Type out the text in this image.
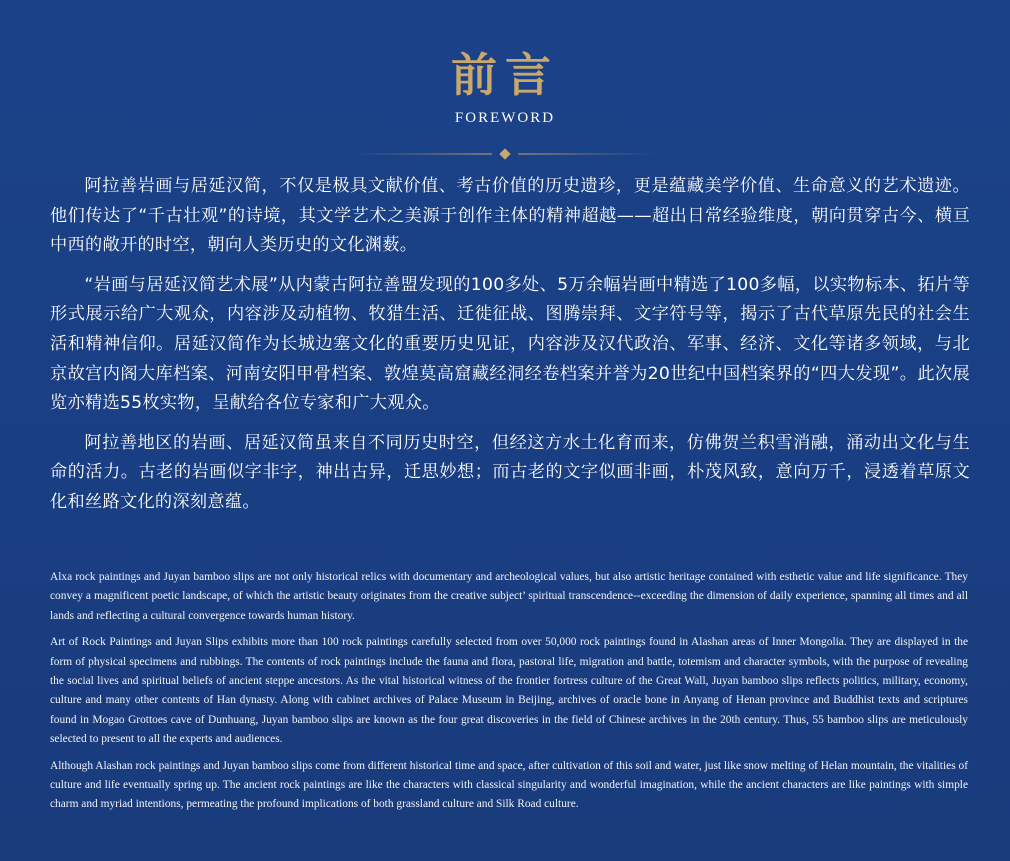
前言
FOREWORD

阿拉善岩画与居延汉简，不仅是极具文献价值、考古价值的历史遗珍，更是蕴藏美学价值、生命意义的艺术遗迹。他们传达了“千古壮观”的诗境，其文学艺术之美源于创作主体的精神超越——超出日常经验维度，朝向贯穿古今、横亘中西的敞开的时空，朝向人类历史的文化渊薮。

“岩画与居延汉简艺术展”从内蒙古阿拉善盟发现的100多处、5万余幅岩画中精选了100多幅，以实物标本、拓片等形式展示给广大观众，内容涉及动植物、牧猎生活、迁徙征战、图腾崇拜、文字符号等，揭示了古代草原先民的社会生活和精神信仰。居延汉简作为长城边塞文化的重要历史见证，内容涉及汉代政治、军事、经济、文化等诸多领域，与北京故宫内阁大库档案、河南安阳甲骨档案、敦煌莫高窟藏经洞经卷档案并誉为20世纪中国档案界的“四大发现”。此次展览亦精选55枚实物，呈献给各位专家和广大观众。

阿拉善地区的岩画、居延汉简虽来自不同历史时空，但经这方水土化育而来，仿佛贺兰积雪消融，涌动出文化与生命的活力。古老的岩画似字非字，神出古异，迁思妙想；而古老的文字似画非画，朴茂风致，意向万千，浸透着草原文化和丝路文化的深刻意蕴。

Alxa rock paintings and Juyan bamboo slips are not only historical relics with documentary and archeological values, but also artistic heritage contained with esthetic value and life significance. They convey a magnificent poetic landscape, of which the artistic beauty originates from the creative subject’ spiritual transcendence--exceeding the dimension of daily experience, spanning all times and all lands and reflecting a cultural convergence towards human history.

Art of Rock Paintings and Juyan Slips exhibits more than 100 rock paintings carefully selected from over 50,000 rock paintings found in Alashan areas of Inner Mongolia. They are displayed in the form of physical specimens and rubbings. The contents of rock paintings include the fauna and flora, pastoral life, migration and battle, totemism and character symbols, with the purpose of revealing the social lives and spiritual beliefs of ancient steppe ancestors. As the vital historical witness of the frontier fortress culture of the Great Wall, Juyan bamboo slips reflects politics, military, economy, culture and many other contents of Han dynasty. Along with cabinet archives of Palace Museum in Beijing, archives of oracle bone in Anyang of Henan province and Buddhist texts and scriptures found in Mogao Grottoes cave of Dunhuang, Juyan bamboo slips are known as the four great discoveries in the field of Chinese archives in the 20th century. Thus, 55 bamboo slips are meticulously selected to present to all the experts and audiences.

Although Alashan rock paintings and Juyan bamboo slips come from different historical time and space, after cultivation of this soil and water, just like snow melting of Helan mountain, the vitalities of culture and life eventually spring up. The ancient rock paintings are like the characters with classical singularity and wonderful imagination, while the ancient characters are like paintings with simple charm and myriad intentions, permeating the profound implications of both grassland culture and Silk Road culture.
